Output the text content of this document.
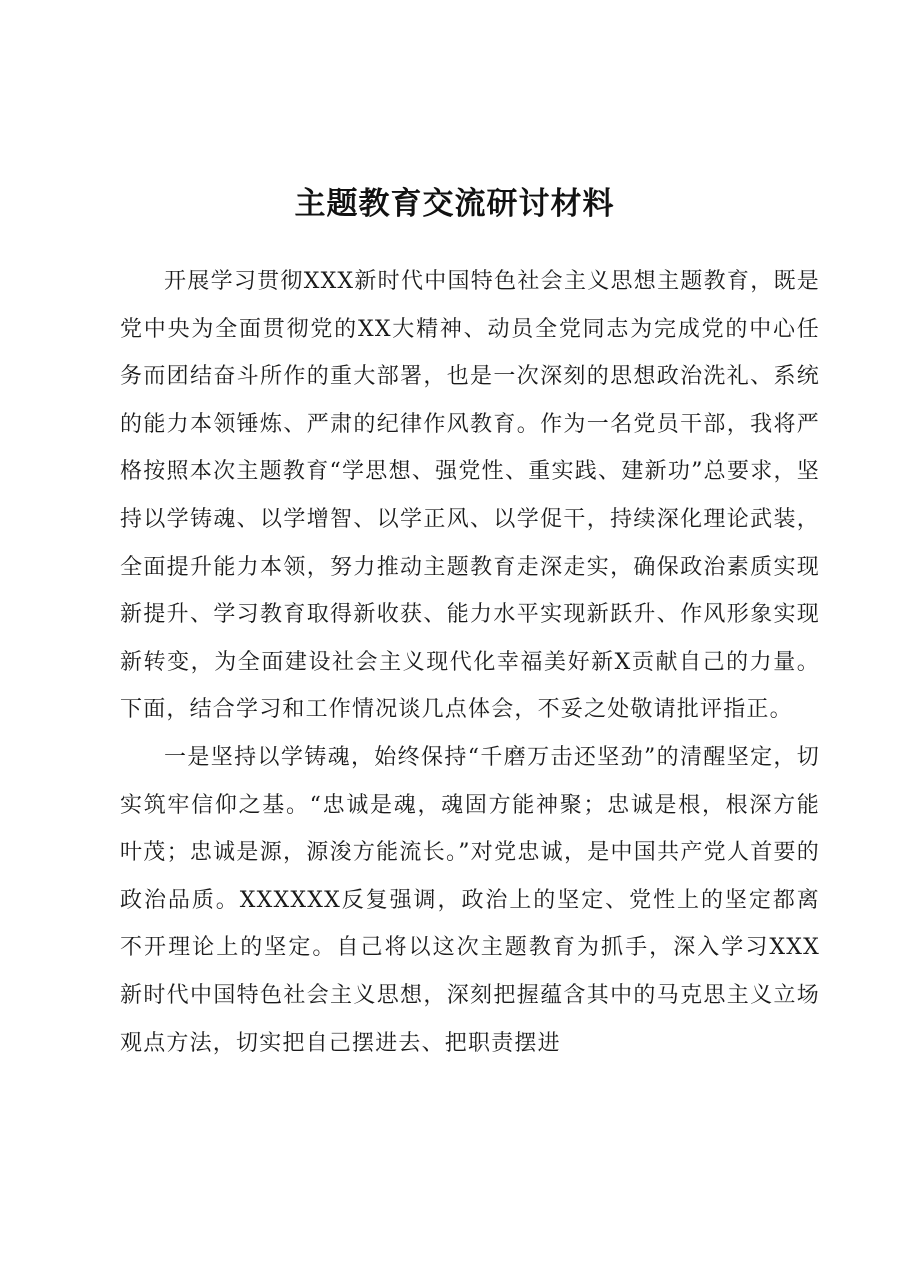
主题教育交流研讨材料

开展学习贯彻XXX新时代中国特色社会主义思想主题教育，既是党中央为全面贯彻党的XX大精神、动员全党同志为完成党的中心任务而团结奋斗所作的重大部署，也是一次深刻的思想政治洗礼、系统的能力本领锤炼、严肃的纪律作风教育。作为一名党员干部，我将严格按照本次主题教育“学思想、强党性、重实践、建新功”总要求，坚持以学铸魂、以学增智、以学正风、以学促干，持续深化理论武装，全面提升能力本领，努力推动主题教育走深走实，确保政治素质实现新提升、学习教育取得新收获、能力水平实现新跃升、作风形象实现新转变，为全面建设社会主义现代化幸福美好新X贡献自己的力量。下面，结合学习和工作情况谈几点体会，不妥之处敬请批评指正。

一是坚持以学铸魂，始终保持“千磨万击还坚劲”的清醒坚定，切实筑牢信仰之基。“忠诚是魂，魂固方能神聚；忠诚是根，根深方能叶茂；忠诚是源，源浚方能流长。”对党忠诚，是中国共产党人首要的政治品质。XXXXXX反复强调，政治上的坚定、党性上的坚定都离不开理论上的坚定。自己将以这次主题教育为抓手，深入学习XXX新时代中国特色社会主义思想，深刻把握蕴含其中的马克思主义立场观点方法，切实把自己摆进去、把职责摆进
